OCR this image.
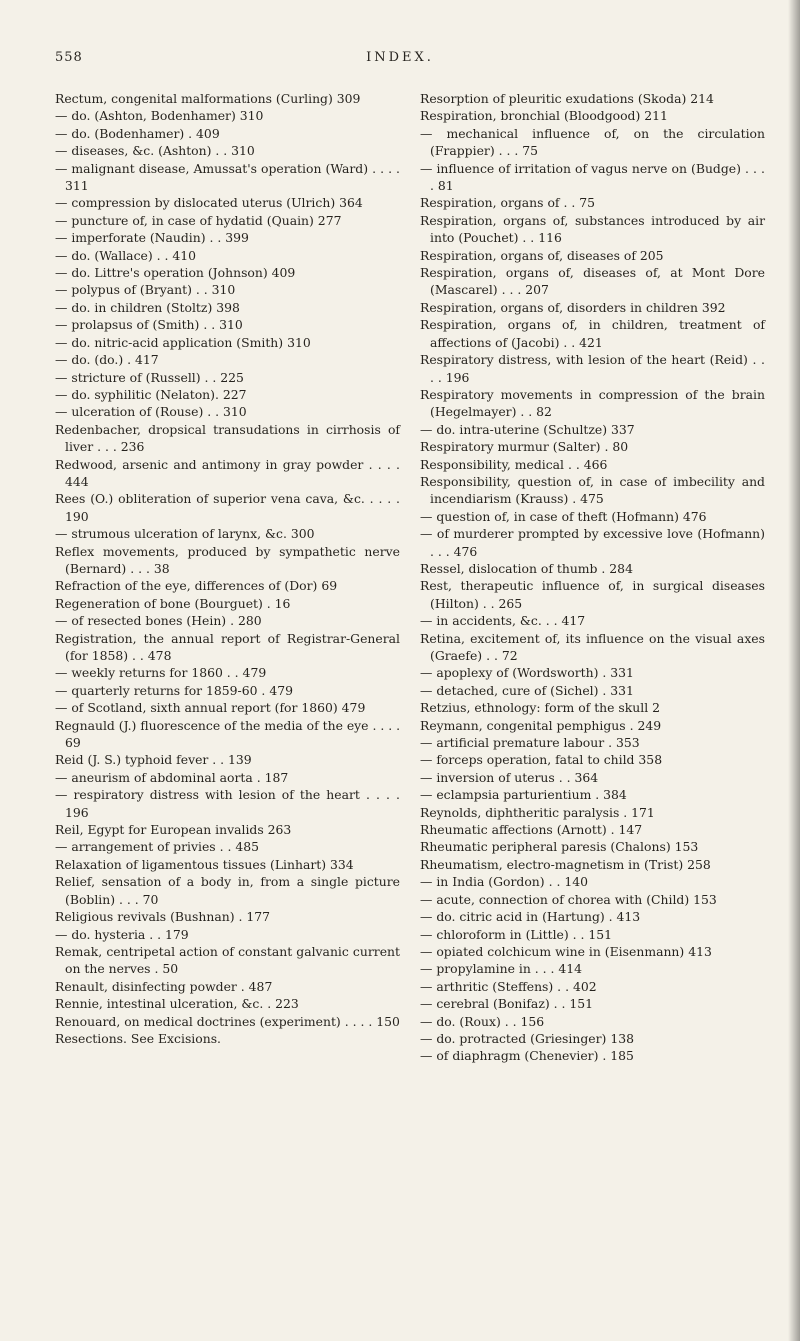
558	INDEX.

Rectum, congenital malformations (Curling) 309

— do. (Ashton, Bodenhamer) 310

— do. (Bodenhamer) . 409

— diseases, &c. (Ashton) . . 310

— malignant disease, Amussat's operation (Ward) . . . . 311

— compression by dislocated uterus (Ulrich) 364

— puncture of, in case of hydatid (Quain) 277

— imperforate (Naudin) . . 399

— do. (Wallace) . . 410

— do. Littre's operation (Johnson) 409

— polypus of (Bryant) . . 310

— do. in children (Stoltz) 398

— prolapsus of (Smith) . . 310

— do. nitric-acid application (Smith) 310

— do. (do.) . 417

— stricture of (Russell) . . 225

— do. syphilitic (Nelaton). 227

— ulceration of (Rouse) . . 310

Redenbacher, dropsical transudations in cirrhosis of liver . . . 236

Redwood, arsenic and antimony in gray powder . . . . 444

Rees (O.) obliteration of superior vena cava, &c. . . . . 190

— strumous ulceration of larynx, &c. 300

Reflex movements, produced by sympathetic nerve (Bernard) . . . 38

Refraction of the eye, differences of (Dor) 69

Regeneration of bone (Bourguet) . 16

— of resected bones (Hein) . 280

Registration, the annual report of Registrar-General (for 1858) . . 478

— weekly returns for 1860 . . 479

— quarterly returns for 1859-60 . 479

— of Scotland, sixth annual report (for 1860) 479

Regnauld (J.) fluorescence of the media of the eye . . . . 69

Reid (J. S.) typhoid fever . . 139

— aneurism of abdominal aorta . 187

— respiratory distress with lesion of the heart . . . . 196

Reil, Egypt for European invalids 263

— arrangement of privies . . 485

Relaxation of ligamentous tissues (Linhart) 334

Relief, sensation of a body in, from a single picture (Boblin) . . . 70

Religious revivals (Bushnan) . 177

— do. hysteria . . 179

Remak, centripetal action of constant galvanic current on the nerves . 50

Renault, disinfecting powder . 487

Rennie, intestinal ulceration, &c. . 223

Renouard, on medical doctrines (experiment) . . . . 150

Resections. See Excisions.

Resorption of pleuritic exudations (Skoda) 214

Respiration, bronchial (Bloodgood) 211

— mechanical influence of, on the circulation (Frappier) . . . 75

— influence of irritation of vagus nerve on (Budge) . . . . 81

Respiration, organs of . . 75

Respiration, organs of, substances introduced by air into (Pouchet) . . 116

Respiration, organs of, diseases of 205

Respiration, organs of, diseases of, at Mont Dore (Mascarel) . . . 207

Respiration, organs of, disorders in children 392

Respiration, organs of, in children, treatment of affections of (Jacobi) . . 421

Respiratory distress, with lesion of the heart (Reid) . . . . 196

Respiratory movements in compression of the brain (Hegelmayer) . . 82

— do. intra-uterine (Schultze) 337

Respiratory murmur (Salter) . 80

Responsibility, medical . . 466

Responsibility, question of, in case of imbecility and incendiarism (Krauss) . 475

— question of, in case of theft (Hofmann) 476

— of murderer prompted by excessive love (Hofmann) . . . 476

Ressel, dislocation of thumb . 284

Rest, therapeutic influence of, in surgical diseases (Hilton) . . 265

— in accidents, &c. . . 417

Retina, excitement of, its influence on the visual axes (Graefe) . . 72

— apoplexy of (Wordsworth) . 331

— detached, cure of (Sichel) . 331

Retzius, ethnology: form of the skull 2

Reymann, congenital pemphigus . 249

— artificial premature labour . 353

— forceps operation, fatal to child 358

— inversion of uterus . . 364

— eclampsia parturientium . 384

Reynolds, diphtheritic paralysis . 171

Rheumatic affections (Arnott) . 147

Rheumatic peripheral paresis (Chalons) 153

Rheumatism, electro-magnetism in (Trist) 258

— in India (Gordon) . . 140

— acute, connection of chorea with (Child) 153

— do. citric acid in (Hartung) . 413

— chloroform in (Little) . . 151

— opiated colchicum wine in (Eisenmann) 413

— propylamine in . . . 414

— arthritic (Steffens) . . 402

— cerebral (Bonifaz) . . 151

— do. (Roux) . . 156

— do. protracted (Griesinger) 138

— of diaphragm (Chenevier) . 185
